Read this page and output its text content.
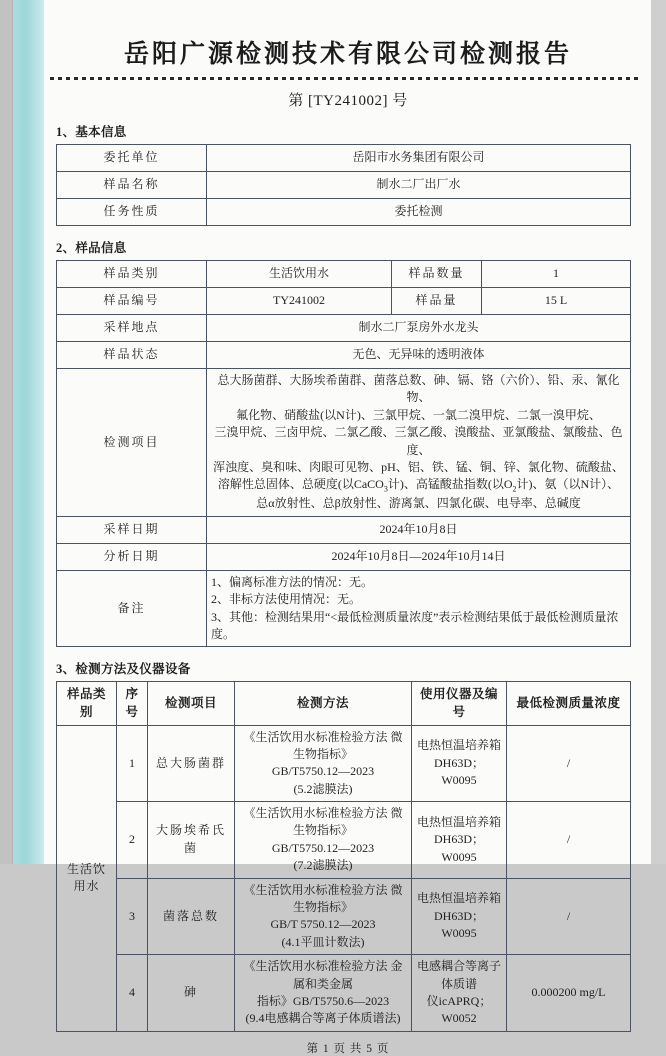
岳阳广源检测技术有限公司检测报告
第 [TY241002] 号
1、基本信息
委托单位	岳阳市水务集团有限公司
样品名称	制水二厂出厂水
任务性质	委托检测
2、样品信息
样品类别	生活饮用水	样品数量	1
样品编号	TY241002	样品量	15 L
采样地点	制水二厂泵房外水龙头		
样品状态	无色、无异味的透明液体		
检测项目	总大肠菌群、大肠埃希菌群、菌落总数、砷、镉、铬（六价）、铅、汞、氰化物、
氟化物、硝酸盐(以N计)、三氯甲烷、一氯二溴甲烷、二氯一溴甲烷、
三溴甲烷、三卤甲烷、二氯乙酸、三氯乙酸、溴酸盐、亚氯酸盐、氯酸盐、色度、
浑浊度、臭和味、肉眼可见物、pH、铝、铁、锰、铜、锌、氯化物、硫酸盐、
溶解性总固体、总硬度(以CaCO$_3$计)、高锰酸盐指数(以$O_2$计)、氨（以N计）、
总α放射性、总β放射性、游离氯、四氯化碳、电导率、总碱度
采样日期	2024年10月8日		
分析日期	2024年10月8日—2024年10月14日		
备注	1、偏离标准方法的情况：无。
2、非标方法使用情况：无。
3、其他：检测结果用“<最低检测质量浓度”表示检测结果低于最低检测质量浓度。		
3、检测方法及仪器设备
样品类别	序号	检测项目	检测方法	使用仪器及编号	最低检测质量浓度
生活饮用水	1	总大肠菌群	《生活饮用水标准检验方法 微生物指标》
GB/T5750.12—2023
(5.2滤膜法)	电热恒温培养箱
DH63D；
W0095	/
	2	大肠埃希氏菌	《生活饮用水标准检验方法 微生物指标》
GB/T5750.12—2023
(7.2滤膜法)	电热恒温培养箱
DH63D；
W0095	/
	3	菌落总数	《生活饮用水标准检验方法 微生物指标》
GB/T 5750.12—2023
(4.1平皿计数法)	电热恒温培养箱
DH63D；
W0095	/
	4	砷	《生活饮用水标准检验方法 金属和类金属
指标》GB/T5750.6—2023
(9.4电感耦合等离子体质谱法)	电感耦合等离子体质谱
仪icAPRQ；
W0052	0.000200 mg/L
第 1 页 共 5 页
